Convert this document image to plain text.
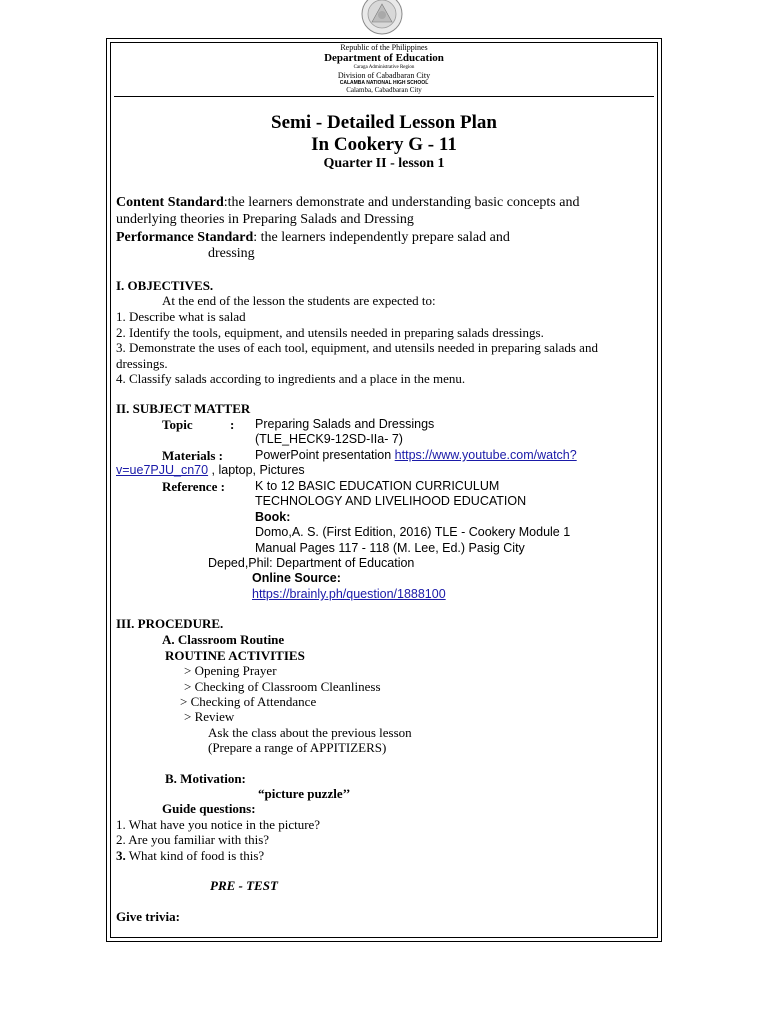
Republic of the Philippines
Department of Education
Caraga Administrative Region
Division of Cabadbaran City
CALAMBA NATIONAL HIGH SCHOOL
Calamba, Cabadbaran City
Semi - Detailed Lesson Plan
In Cookery G - 11
Quarter II - lesson 1
Content Standard:the learners demonstrate and understanding basic concepts and
underlying theories in Preparing Salads and Dressing
Performance Standard: the learners independently prepare salad and
dressing
I. OBJECTIVES.
At the end of the lesson the students are expected to:
1. Describe what is salad
2. Identify the tools, equipment, and utensils needed in preparing salads dressings.
3. Demonstrate the uses of each tool, equipment, and utensils needed in preparing salads and
dressings.
4. Classify salads according to ingredients and a place in the menu.
II. SUBJECT MATTER
Topic	: Preparing Salads and Dressings
(TLE_HECK9-12SD-IIa- 7)
Materials :	PowerPoint presentation https://www.youtube.com/watch?
v=ue7PJU_cn70 , laptop, Pictures
Reference : K to 12 BASIC EDUCATION CURRICULUM
TECHNOLOGY AND LIVELIHOOD EDUCATION
Book:
Domo,A. S. (First Edition, 2016) TLE - Cookery Module 1
Manual Pages 117 - 118 (M. Lee, Ed.) Pasig City
Deped,Phil: Department of Education
Online Source:
https://brainly.ph/question/1888100
III. PROCEDURE.
A. Classroom Routine
ROUTINE ACTIVITIES
> Opening Prayer
> Checking of Classroom Cleanliness
> Checking of Attendance
> Review
Ask the class about the previous lesson
(Prepare a range of APPITIZERS)
B. Motivation:
“picture puzzle’’
Guide questions:
1. What have you notice in the picture?
2. Are you familiar with this?
3. What kind of food is this?
PRE - TEST
Give trivia:
